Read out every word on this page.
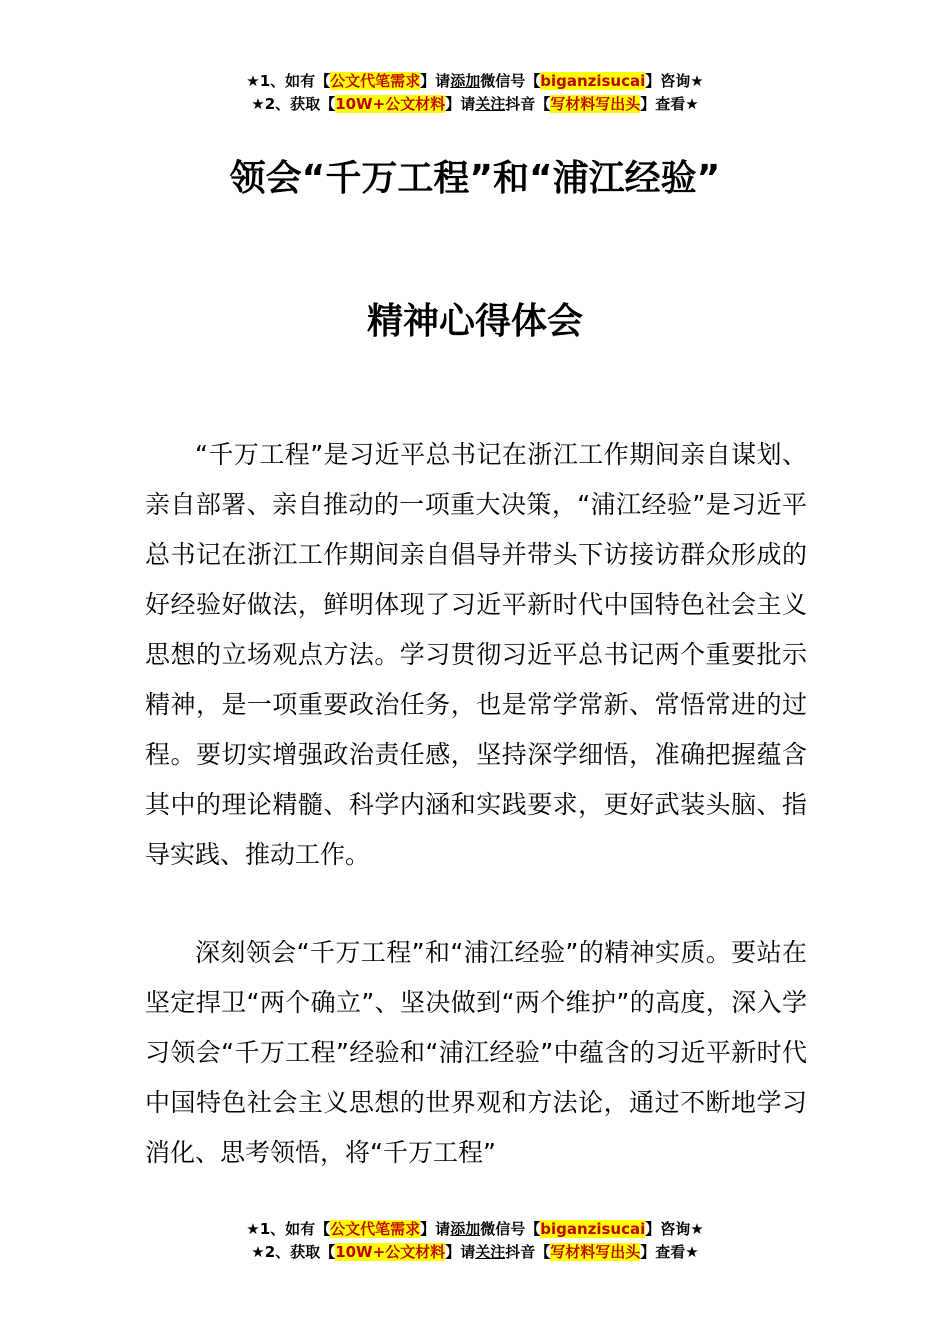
★1、如有【公文代笔需求】请添加微信号【biganzisucai】咨询★
★2、获取【10W+公文材料】请关注抖音【写材料写出头】查看★
领会“千万工程”和“浦江经验”
精神心得体会

“千万工程”是习近平总书记在浙江工作期间亲自谋划、亲自部署、亲自推动的一项重大决策，“浦江经验”是习近平总书记在浙江工作期间亲自倡导并带头下访接访群众形成的好经验好做法，鲜明体现了习近平新时代中国特色社会主义思想的立场观点方法。学习贯彻习近平总书记两个重要批示精神，是一项重要政治任务，也是常学常新、常悟常进的过程。要切实增强政治责任感，坚持深学细悟，准确把握蕴含其中的理论精髓、科学内涵和实践要求，更好武装头脑、指导实践、推动工作。

深刻领会“千万工程”和“浦江经验”的精神实质。要站在坚定捍卫“两个确立”、坚决做到“两个维护”的高度，深入学习领会“千万工程”经验和“浦江经验”中蕴含的习近平新时代中国特色社会主义思想的世界观和方法论，通过不断地学习消化、思考领悟，将“千万工程”

★1、如有【公文代笔需求】请添加微信号【biganzisucai】咨询★
★2、获取【10W+公文材料】请关注抖音【写材料写出头】查看★
